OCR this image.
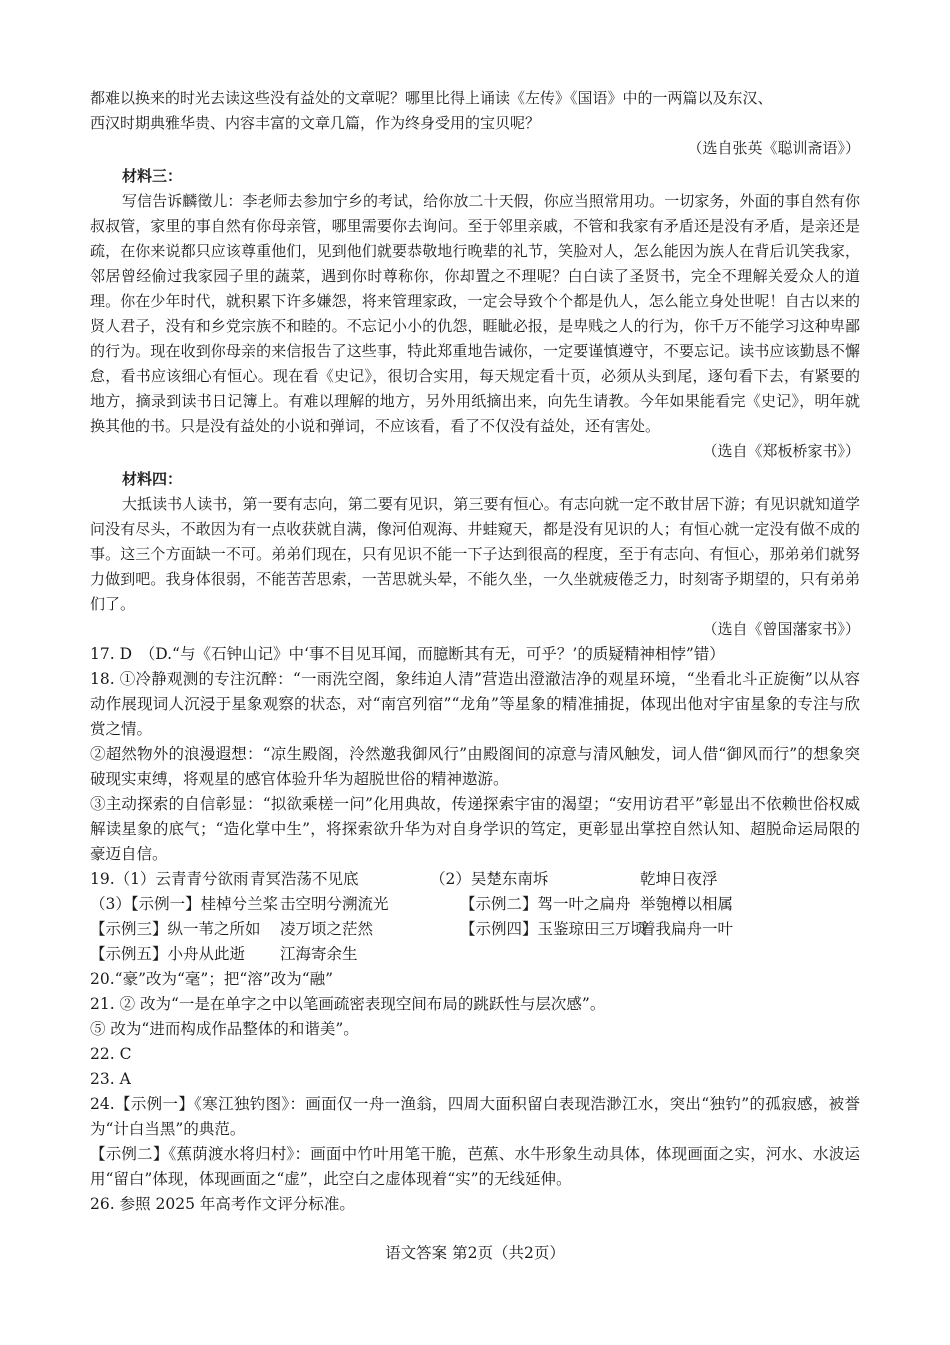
都难以换来的时光去读这些没有益处的文章呢？哪里比得上诵读《左传》《国语》中的一两篇以及东汉、

西汉时期典雅华贵、内容丰富的文章几篇，作为终身受用的宝贝呢？

（选自张英《聪训斋语》）

材料三：

写信告诉麟徵儿：李老师去参加宁乡的考试，给你放二十天假，你应当照常用功。一切家务，外面的事自然有你叔叔管，家里的事自然有你母亲管，哪里需要你去询问。至于邻里亲戚，不管和我家有矛盾还是没有矛盾，是亲还是疏，在你来说都只应该尊重他们，见到他们就要恭敬地行晚辈的礼节，笑脸对人，怎么能因为族人在背后讥笑我家，邻居曾经偷过我家园子里的蔬菜，遇到你时尊称你，你却置之不理呢？白白读了圣贤书，完全不理解关爱众人的道理。你在少年时代，就积累下许多嫌怨，将来管理家政，一定会导致个个都是仇人，怎么能立身处世呢！自古以来的贤人君子，没有和乡党宗族不和睦的。不忘记小小的仇怨，睚眦必报，是卑贱之人的行为，你千万不能学习这种卑鄙的行为。现在收到你母亲的来信报告了这些事，特此郑重地告诫你，一定要谨慎遵守，不要忘记。读书应该勤恳不懈怠，看书应该细心有恒心。现在看《史记》，很切合实用，每天规定看十页，必须从头到尾，逐句看下去，有紧要的地方，摘录到读书日记簿上。有难以理解的地方，另外用纸摘出来，向先生请教。今年如果能看完《史记》，明年就换其他的书。只是没有益处的小说和弹词，不应该看，看了不仅没有益处，还有害处。

（选自《郑板桥家书》）

材料四：

大抵读书人读书，第一要有志向，第二要有见识，第三要有恒心。有志向就一定不敢甘居下游；有见识就知道学问没有尽头，不敢因为有一点收获就自满，像河伯观海、井蛙窥天，都是没有见识的人；有恒心就一定没有做不成的事。这三个方面缺一不可。弟弟们现在，只有见识不能一下子达到很高的程度，至于有志向、有恒心，那弟弟们就努力做到吧。我身体很弱，不能苦苦思索，一苦思就头晕，不能久坐，一久坐就疲倦乏力，时刻寄予期望的，只有弟弟们了。

（选自《曾国藩家书》）

17. D　（D.“与《石钟山记》中‘事不目见耳闻，而臆断其有无，可乎？’的质疑精神相悖”错）

18. ①冷静观测的专注沉醉：“一雨洗空阁，象纬迫人清”营造出澄澈洁净的观星环境，“坐看北斗正旋衡”以从容动作展现词人沉浸于星象观察的状态，对“南宫列宿”“龙角”等星象的精准捕捉，体现出他对宇宙星象的专注与欣赏之情。

②超然物外的浪漫遐想：“凉生殿阁，泠然邀我御风行”由殿阁间的凉意与清风触发，词人借“御风而行”的想象突破现实束缚，将观星的感官体验升华为超脱世俗的精神遨游。

③主动探索的自信彰显：“拟欲乘槎一问”化用典故，传递探索宇宙的渴望；“安用访君平”彰显出不依赖世俗权威解读星象的底气；“造化掌中生”，将探索欲升华为对自身学识的笃定，更彰显出掌控自然认知、超脱命运局限的豪迈自信。

19.（1）云青青兮欲雨 青冥浩荡不见底	（2）吴楚东南坼	乾坤日夜浮
（3）【示例一】桂棹兮兰桨 击空明兮溯流光	【示例二】驾一叶之扁舟 举匏樽以相属
【示例三】纵一苇之所如	凌万顷之茫然	【示例四】玉鉴琼田三万顷
着我扁舟一叶
【示例五】小舟从此逝	江海寄余生

20.“豪”改为“毫”；把“溶”改为“融”

21. ② 改为“一是在单字之中以笔画疏密表现空间布局的跳跃性与层次感”。

⑤ 改为“进而构成作品整体的和谐美”。

22. C

23. A

24.【示例一】《寒江独钓图》：画面仅一舟一渔翁，四周大面积留白表现浩渺江水，突出“独钓”的孤寂感，被誉为“计白当黑”的典范。

【示例二】《蕉荫渡水将归村》：画面中竹叶用笔干脆，芭蕉、水牛形象生动具体，体现画面之实，河水、水波运用“留白”体现，体现画面之“虚”，此空白之虚体现着“实”的无线延伸。

26. 参照 2025 年高考作文评分标准。

语文答案 第2页（共2页）
